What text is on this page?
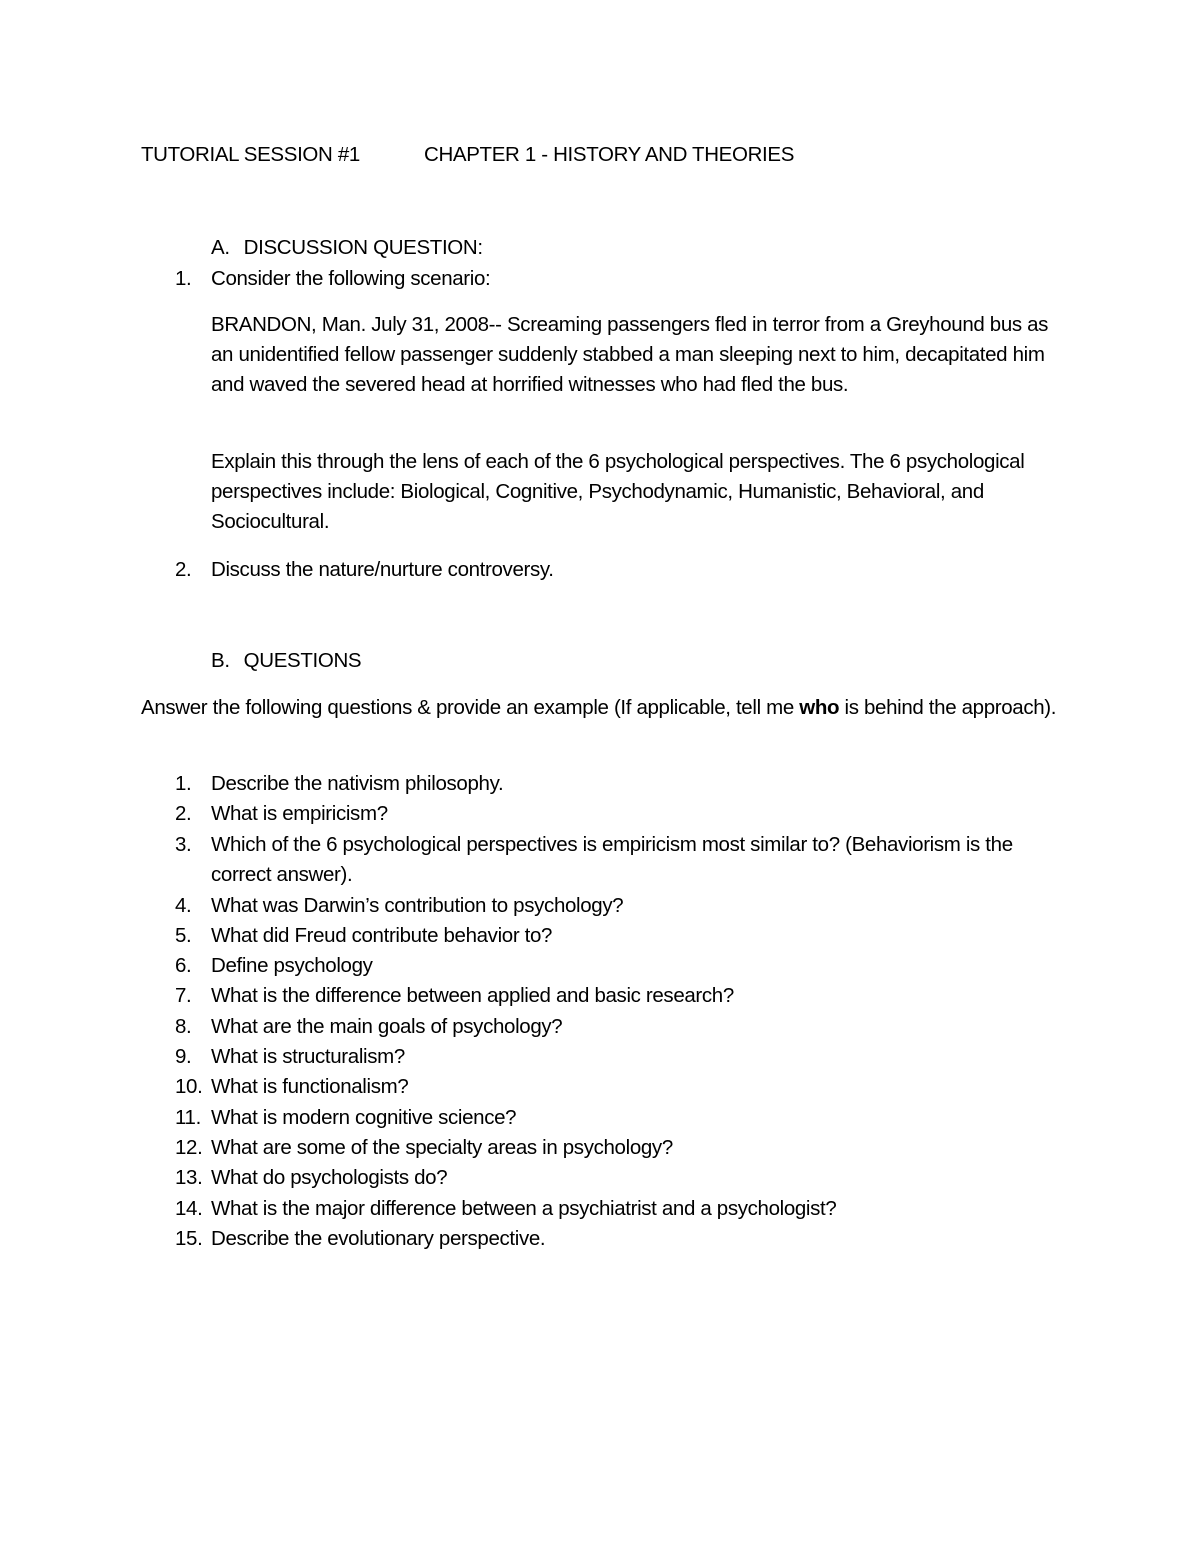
TUTORIAL SESSION #1	CHAPTER 1 - HISTORY AND THEORIES
A. DISCUSSION QUESTION:
1. Consider the following scenario:
BRANDON, Man. July 31, 2008-- Screaming passengers fled in terror from a Greyhound bus as an unidentified fellow passenger suddenly stabbed a man sleeping next to him, decapitated him and waved the severed head at horrified witnesses who had fled the bus.
Explain this through the lens of each of the 6 psychological perspectives. The 6 psychological perspectives include: Biological, Cognitive, Psychodynamic, Humanistic, Behavioral, and Sociocultural.
2. Discuss the nature/nurture controversy.
B. QUESTIONS
Answer the following questions & provide an example (If applicable, tell me who is behind the approach).
1. Describe the nativism philosophy.
2. What is empiricism?
3. Which of the 6 psychological perspectives is empiricism most similar to? (Behaviorism is the correct answer).
4. What was Darwin’s contribution to psychology?
5. What did Freud contribute behavior to?
6. Define psychology
7. What is the difference between applied and basic research?
8. What are the main goals of psychology?
9. What is structuralism?
10. What is functionalism?
11. What is modern cognitive science?
12. What are some of the specialty areas in psychology?
13. What do psychologists do?
14. What is the major difference between a psychiatrist and a psychologist?
15. Describe the evolutionary perspective.
